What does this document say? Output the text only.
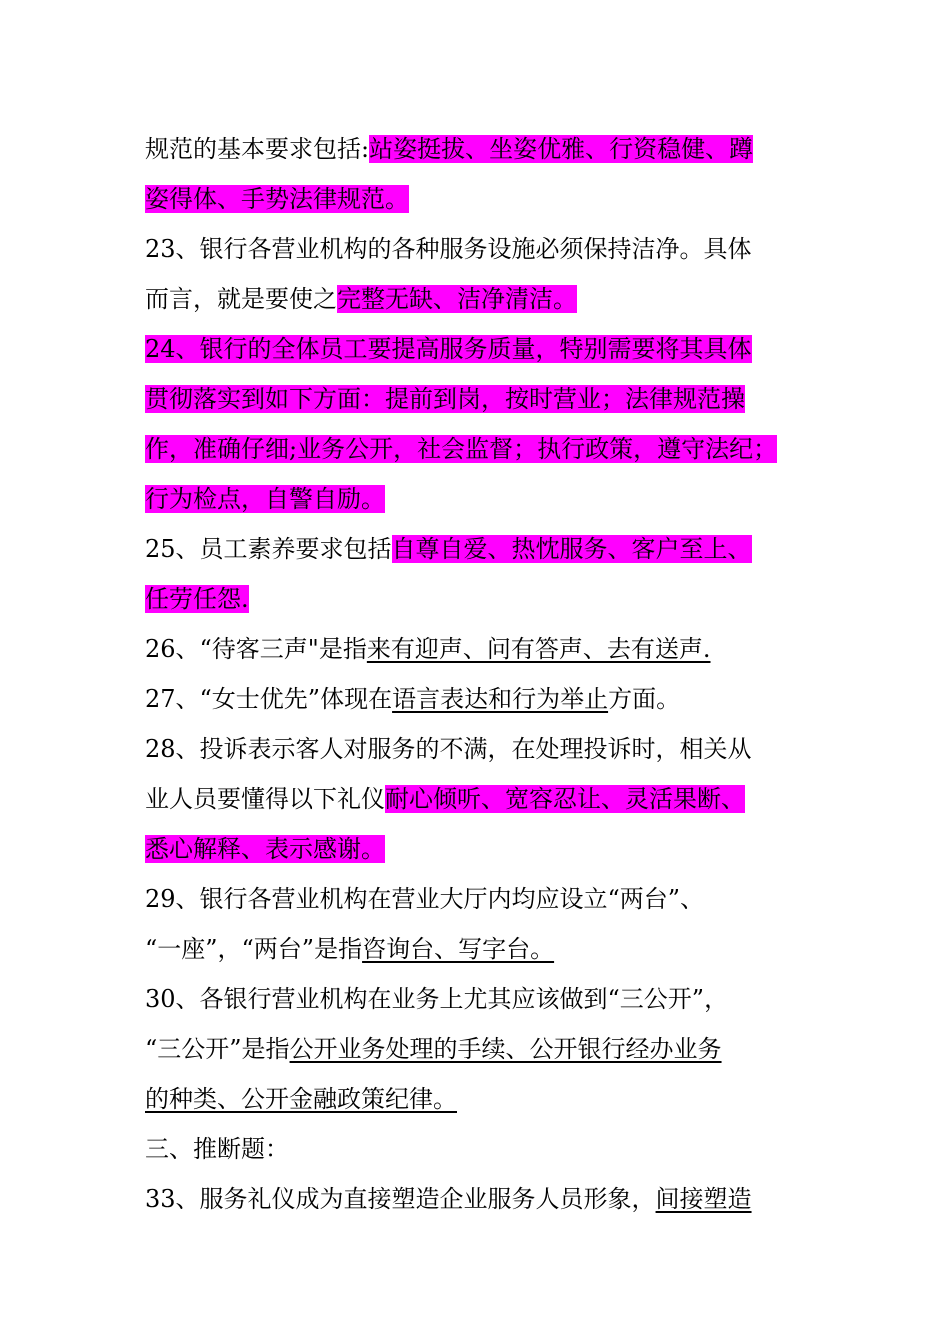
规范的基本要求包括:站姿挺拔、坐姿优雅、行资稳健、蹲
姿得体、手势法律规范。
23、银行各营业机构的各种服务设施必须保持洁净。具体
而言，就是要使之完整无缺、洁净清洁。
24、银行的全体员工要提高服务质量，特别需要将其具体
贯彻落实到如下方面：提前到岗，按时营业；法律规范操
作，准确仔细;业务公开，社会监督；执行政策，遵守法纪；
行为检点，自警自励。
25、员工素养要求包括自尊自爱、热忱服务、客户至上、
任劳任怨.
26、“待客三声"是指来有迎声、问有答声、去有送声.
27、“女士优先”体现在语言表达和行为举止方面。
28、投诉表示客人对服务的不满，在处理投诉时，相关从
业人员要懂得以下礼仪耐心倾听、宽容忍让、灵活果断、
悉心解释、表示感谢。
29、银行各营业机构在营业大厅内均应设立“两台”、
“一座”，“两台”是指咨询台、写字台。
30、各银行营业机构在业务上尤其应该做到“三公开”，
“三公开”是指公开业务处理的手续、公开银行经办业务
的种类、公开金融政策纪律。
三、推断题：
33、服务礼仪成为直接塑造企业服务人员形象，间接塑造
